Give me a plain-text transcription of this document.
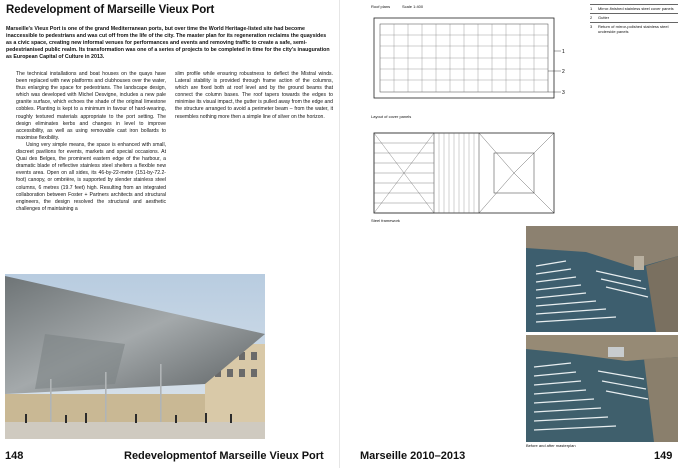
Redevelopment of Marseille Vieux Port
Marseille's Vieux Port is one of the grand Mediterranean ports, but over time the World Heritage-listed site had become inaccessible to pedestrians and was cut off from the life of the city. The master plan for its regeneration reclaims the quaysides as a civic space, creating new informal venues for performances and events and removing traffic to create a safe, semi-pedestrianised public realm. Its transformation was one of a series of projects to be completed in time for the city's inauguration as European Capital of Culture in 2013.

The technical installations and boat houses on the quays have been replaced with new platforms and clubhouses over the water, thus enlarging the space for pedestrians. The landscape design, which was developed with Michel Desvigne, includes a new pale granite surface, which echoes the shade of the original limestone cobbles. Planting is kept to a minimum in favour of hard-wearing, roughly textured materials appropriate to the port setting. The design eliminates kerbs and changes in level to improve accessibility, as well as using removable cast iron bollards to maximise flexibility.

Using very simple means, the space is enhanced with small, discreet pavilions for events, markets and special occasions. At Quai des Belges, the prominent eastern edge of the harbour, a dramatic blade of reflective stainless steel shelters a flexible new events area. Open on all sides, its 46-by-22-metre (151-by-72.2-foot) canopy, or ombrière, is supported by slender stainless steel columns, 6 metres (19.7 feet) high. Resulting from an integrated collaboration between Foster + Partners architects and structural engineers, the design resolved the structural and aesthetic challenges of maintaining a

slim profile while ensuring robustness to deflect the Mistral winds. Lateral stability is provided through frame action of the columns, which are fixed both at roof level and by the ground beams that connect the column bases. The roof tapers towards the edges to minimise its visual impact, the gutter is pulled away from the edge and the structure arranged to avoid a perimeter beam – from the water, it resembles nothing more then a simple line of silver on the horizon.

148	Redevelopmentof Marseille Vieux Port
Roof plans	Scale 1:400	1	Mirror-finished stainless steel cover panels
2	Gutter
3	Return of mirror-polished stainless steel underside panels
1
2
3
Layout of cover panels
Steel framework
Before and after masterplan
Marseille 2010–2013	149
